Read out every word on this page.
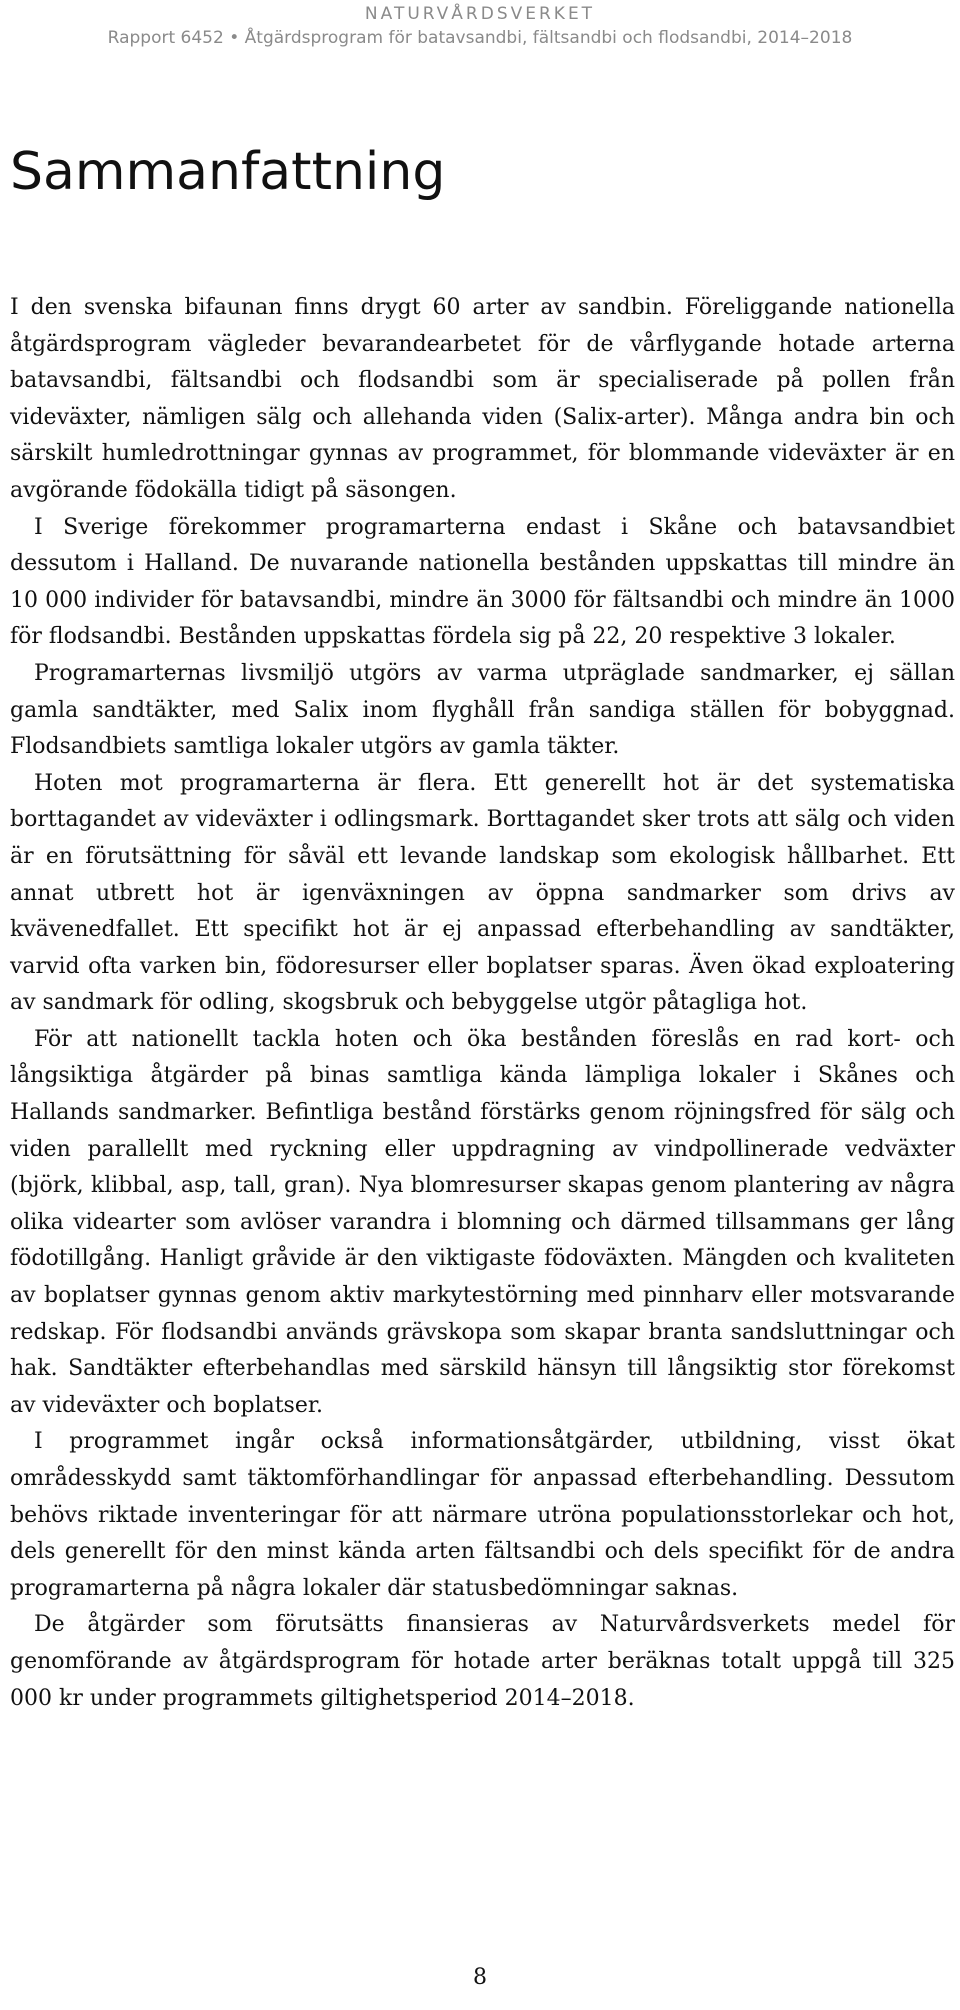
NATURVÅRDSVERKET
Rapport 6452 • Åtgärdsprogram för batavsandbi, fältsandbi och flodsandbi, 2014–2018
Sammanfattning

I den svenska bifaunan finns drygt 60 arter av sandbin. Föreliggande nationella åtgärdsprogram vägleder bevarandearbetet för de vårflygande hotade arterna batavsandbi, fältsandbi och flodsandbi som är specialiserade på pollen från videväxter, nämligen sälg och allehanda viden (Salix-arter). Många andra bin och särskilt humledrottningar gynnas av programmet, för blommande videväxter är en avgörande födokälla tidigt på säsongen.

I Sverige förekommer programarterna endast i Skåne och batavsandbiet dessutom i Halland. De nuvarande nationella bestånden uppskattas till mindre än 10 000 individer för batavsandbi, mindre än 3000 för fältsandbi och mindre än 1000 för flodsandbi. Bestånden uppskattas fördela sig på 22, 20 respektive 3 lokaler.

Programarternas livsmiljö utgörs av varma utpräglade sandmarker, ej sällan gamla sandtäkter, med Salix inom flyghåll från sandiga ställen för bobyggnad. Flodsandbiets samtliga lokaler utgörs av gamla täkter.

Hoten mot programarterna är flera. Ett generellt hot är det systematiska borttagandet av videväxter i odlingsmark. Borttagandet sker trots att sälg och viden är en förutsättning för såväl ett levande landskap som ekologisk hållbarhet. Ett annat utbrett hot är igenväxningen av öppna sandmarker som drivs av kvävenedfallet. Ett specifikt hot är ej anpassad efterbehandling av sandtäkter, varvid ofta varken bin, födoresurser eller boplatser sparas. Även ökad exploatering av sandmark för odling, skogsbruk och bebyggelse utgör påtagliga hot.

För att nationellt tackla hoten och öka bestånden föreslås en rad kort- och långsiktiga åtgärder på binas samtliga kända lämpliga lokaler i Skånes och Hallands sandmarker. Befintliga bestånd förstärks genom röjningsfred för sälg och viden parallellt med ryckning eller uppdragning av vindpollinerade vedväxter (björk, klibbal, asp, tall, gran). Nya blomresurser skapas genom plantering av några olika videarter som avlöser varandra i blomning och därmed tillsammans ger lång födotillgång. Hanligt gråvide är den viktigaste födoväxten. Mängden och kvaliteten av boplatser gynnas genom aktiv markytestörning med pinnharv eller motsvarande redskap. För flodsandbi används grävskopa som skapar branta sandsluttningar och hak. Sandtäkter efterbehandlas med särskild hänsyn till långsiktig stor förekomst av videväxter och boplatser.

I programmet ingår också informationsåtgärder, utbildning, visst ökat områdesskydd samt täktomförhandlingar för anpassad efterbehandling. Dessutom behövs riktade inventeringar för att närmare utröna populationsstorlekar och hot, dels generellt för den minst kända arten fältsandbi och dels specifikt för de andra programarterna på några lokaler där statusbedömningar saknas.

De åtgärder som förutsätts finansieras av Naturvårdsverkets medel för genomförande av åtgärdsprogram för hotade arter beräknas totalt uppgå till 325 000 kr under programmets giltighetsperiod 2014–2018.

8
